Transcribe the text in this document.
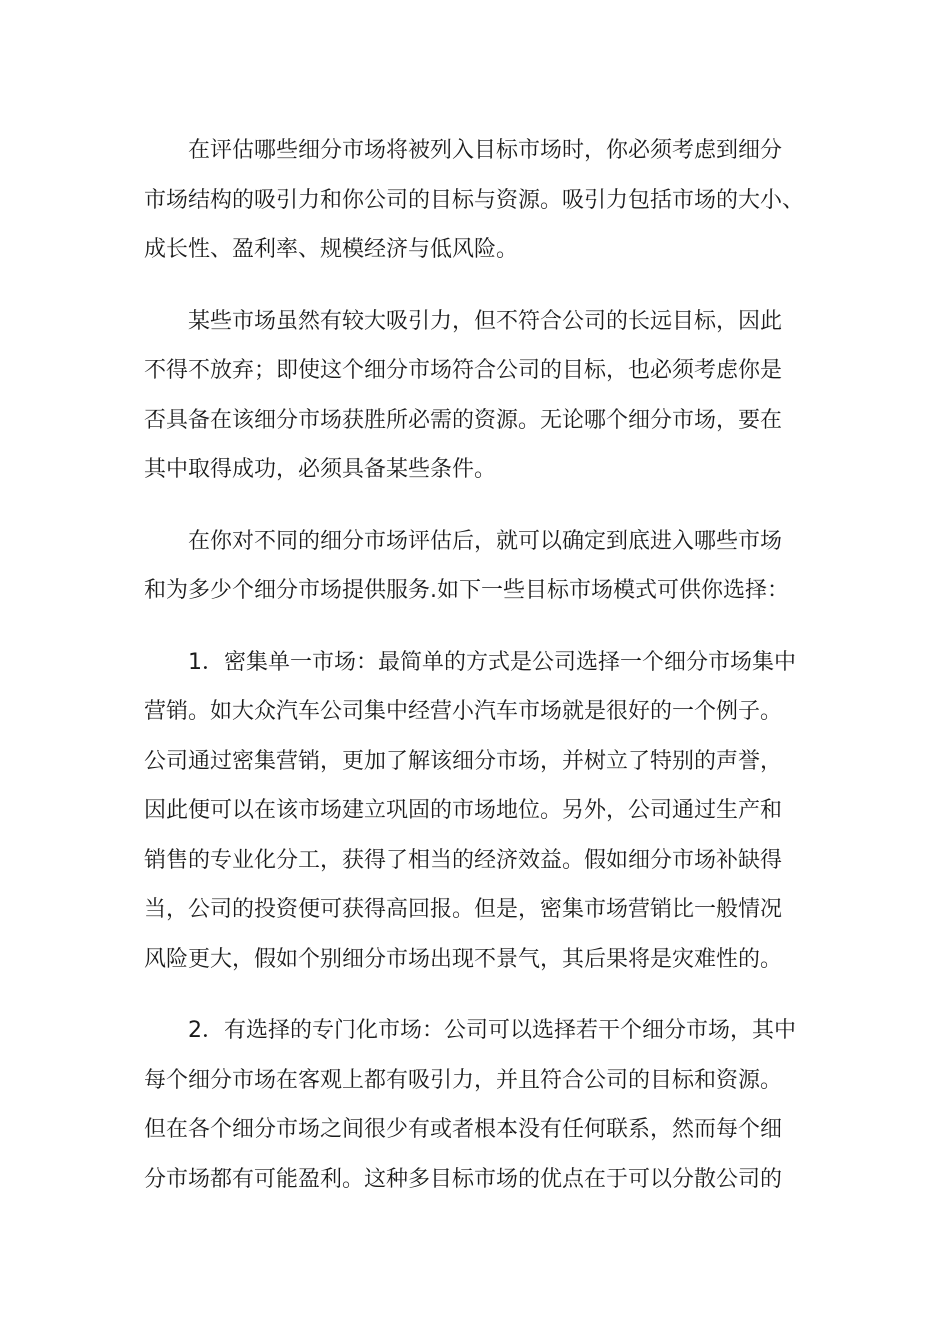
在评估哪些细分市场将被列入目标市场时，你必须考虑到细分
市场结构的吸引力和你公司的目标与资源。吸引力包括市场的大小、
成长性、盈利率、规模经济与低风险。
某些市场虽然有较大吸引力，但不符合公司的长远目标，因此
不得不放弃；即使这个细分市场符合公司的目标，也必须考虑你是
否具备在该细分市场获胜所必需的资源。无论哪个细分市场，要在
其中取得成功，必须具备某些条件。
在你对不同的细分市场评估后，就可以确定到底进入哪些市场
和为多少个细分市场提供服务.如下一些目标市场模式可供你选择：
1．密集单一市场：最简单的方式是公司选择一个细分市场集中
营销。如大众汽车公司集中经营小汽车市场就是很好的一个例子。
公司通过密集营销，更加了解该细分市场，并树立了特别的声誉，
因此便可以在该市场建立巩固的市场地位。另外，公司通过生产和
销售的专业化分工，获得了相当的经济效益。假如细分市场补缺得
当，公司的投资便可获得高回报。但是，密集市场营销比一般情况
风险更大，假如个别细分市场出现不景气，其后果将是灾难性的。
2．有选择的专门化市场：公司可以选择若干个细分市场，其中
每个细分市场在客观上都有吸引力，并且符合公司的目标和资源。
但在各个细分市场之间很少有或者根本没有任何联系，然而每个细
分市场都有可能盈利。这种多目标市场的优点在于可以分散公司的
